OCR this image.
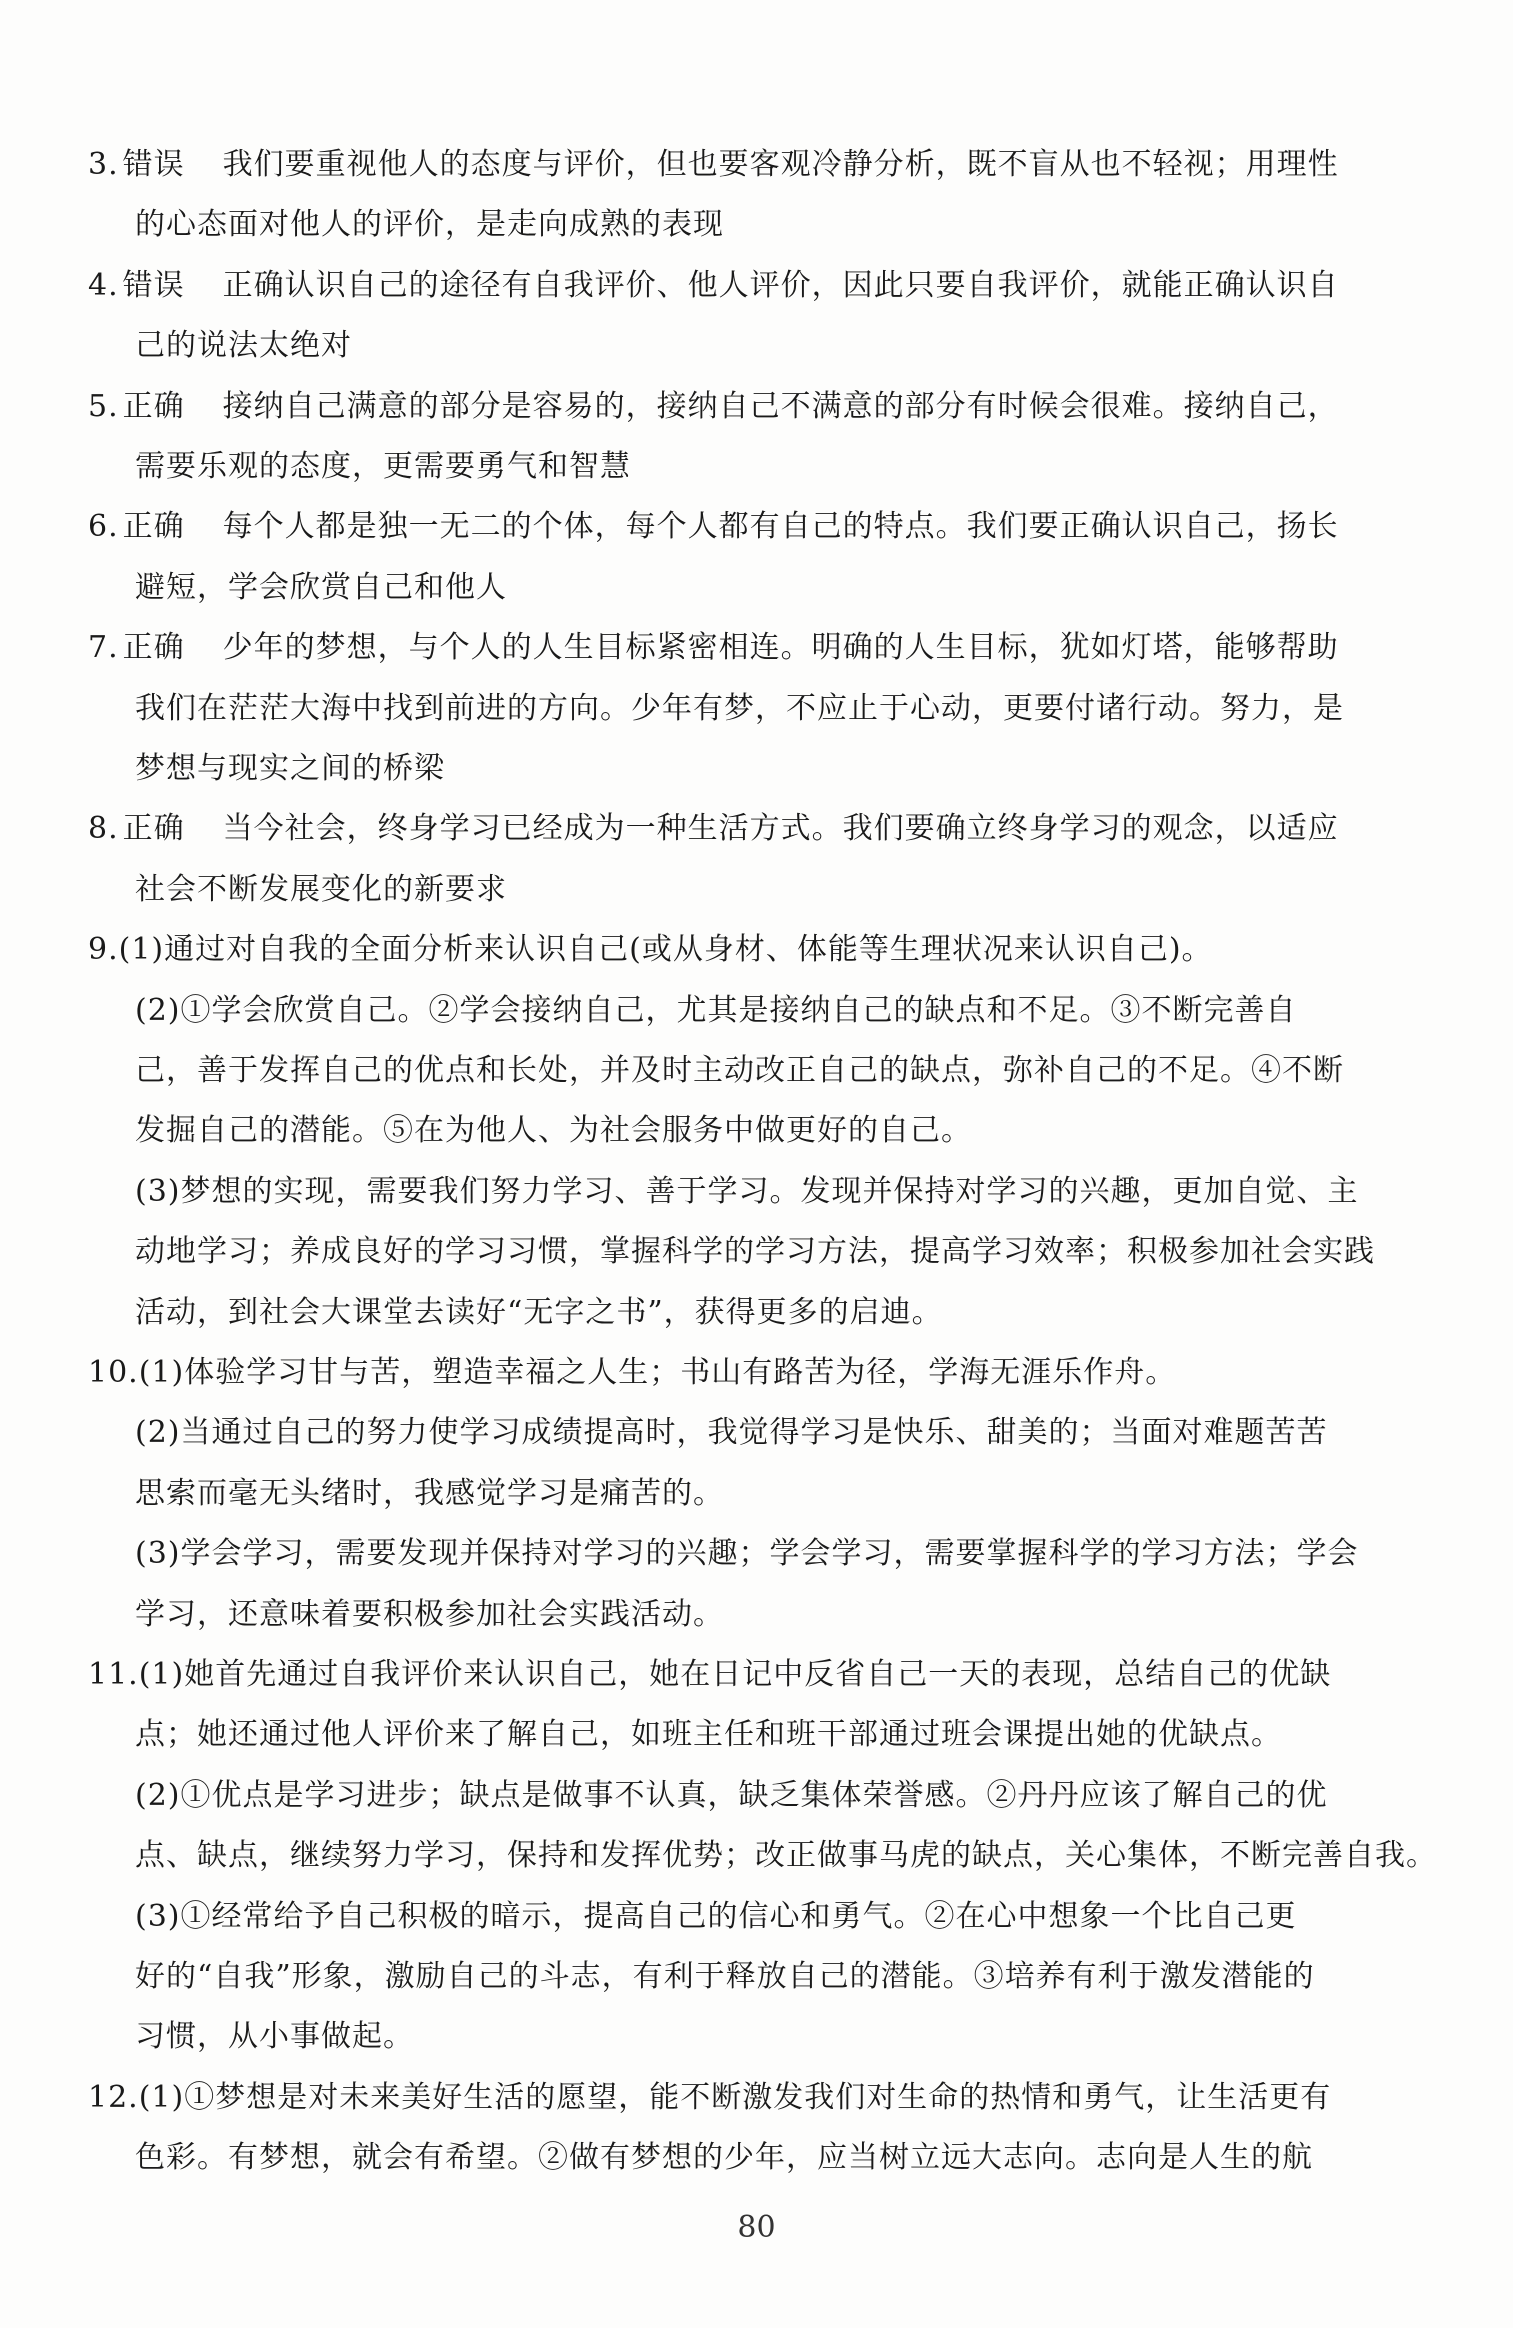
3. 错误 我们要重视他人的态度与评价，但也要客观冷静分析，既不盲从也不轻视；用理性
的心态面对他人的评价，是走向成熟的表现
4. 错误 正确认识自己的途径有自我评价、他人评价，因此只要自我评价，就能正确认识自
己的说法太绝对
5. 正确 接纳自己满意的部分是容易的，接纳自己不满意的部分有时候会很难。接纳自己，
需要乐观的态度，更需要勇气和智慧
6. 正确 每个人都是独一无二的个体，每个人都有自己的特点。我们要正确认识自己，扬长
避短，学会欣赏自己和他人
7. 正确 少年的梦想，与个人的人生目标紧密相连。明确的人生目标，犹如灯塔，能够帮助
我们在茫茫大海中找到前进的方向。少年有梦，不应止于心动，更要付诸行动。努力，是
梦想与现实之间的桥梁
8. 正确 当今社会，终身学习已经成为一种生活方式。我们要确立终身学习的观念，以适应
社会不断发展变化的新要求
9.(1)通过对自我的全面分析来认识自己(或从身材、体能等生理状况来认识自己)。
(2)①学会欣赏自己。②学会接纳自己，尤其是接纳自己的缺点和不足。③不断完善自
己，善于发挥自己的优点和长处，并及时主动改正自己的缺点，弥补自己的不足。④不断
发掘自己的潜能。⑤在为他人、为社会服务中做更好的自己。
(3)梦想的实现，需要我们努力学习、善于学习。发现并保持对学习的兴趣，更加自觉、主
动地学习；养成良好的学习习惯，掌握科学的学习方法，提高学习效率；积极参加社会实践
活动，到社会大课堂去读好“无字之书”，获得更多的启迪。
10.(1)体验学习甘与苦，塑造幸福之人生；书山有路苦为径，学海无涯乐作舟。
(2)当通过自己的努力使学习成绩提高时，我觉得学习是快乐、甜美的；当面对难题苦苦
思索而毫无头绪时，我感觉学习是痛苦的。
(3)学会学习，需要发现并保持对学习的兴趣；学会学习，需要掌握科学的学习方法；学会
学习，还意味着要积极参加社会实践活动。
11.(1)她首先通过自我评价来认识自己，她在日记中反省自己一天的表现，总结自己的优缺
点；她还通过他人评价来了解自己，如班主任和班干部通过班会课提出她的优缺点。
(2)①优点是学习进步；缺点是做事不认真，缺乏集体荣誉感。②丹丹应该了解自己的优
点、缺点，继续努力学习，保持和发挥优势；改正做事马虎的缺点，关心集体，不断完善自我。
(3)①经常给予自己积极的暗示，提高自己的信心和勇气。②在心中想象一个比自己更
好的“自我”形象，激励自己的斗志，有利于释放自己的潜能。③培养有利于激发潜能的
习惯，从小事做起。
12.(1)①梦想是对未来美好生活的愿望，能不断激发我们对生命的热情和勇气，让生活更有
色彩。有梦想，就会有希望。②做有梦想的少年，应当树立远大志向。志向是人生的航
80
